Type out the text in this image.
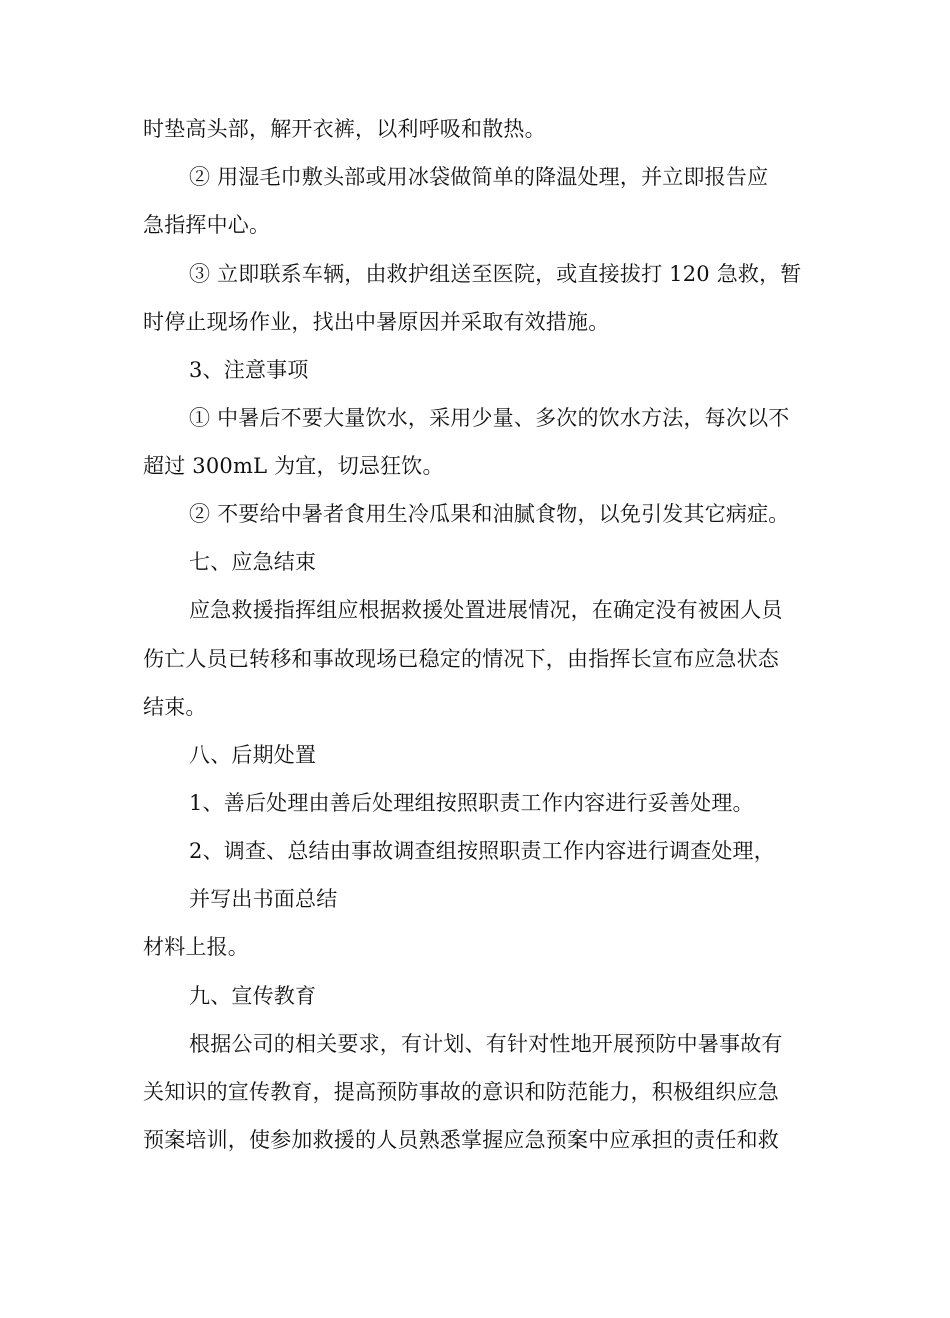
时垫高头部，解开衣裤，以利呼吸和散热。
② 用湿毛巾敷头部或用冰袋做简单的降温处理，并立即报告应
急指挥中心。
③ 立即联系车辆，由救护组送至医院，或直接拔打 120 急救，暂
时停止现场作业，找出中暑原因并采取有效措施。
3、注意事项
① 中暑后不要大量饮水，采用少量、多次的饮水方法，每次以不
超过 300mL 为宜，切忌狂饮。
② 不要给中暑者食用生冷瓜果和油腻食物，以免引发其它病症。
七、应急结束
应急救援指挥组应根据救援处置进展情况，在确定没有被困人员
伤亡人员已转移和事故现场已稳定的情况下，由指挥长宣布应急状态
结束。
八、后期处置
1、善后处理由善后处理组按照职责工作内容进行妥善处理。
2、调查、总结由事故调查组按照职责工作内容进行调查处理，
并写出书面总结
材料上报。
九、宣传教育
根据公司的相关要求，有计划、有针对性地开展预防中暑事故有
关知识的宣传教育，提高预防事故的意识和防范能力，积极组织应急
预案培训，使参加救援的人员熟悉掌握应急预案中应承担的责任和救
